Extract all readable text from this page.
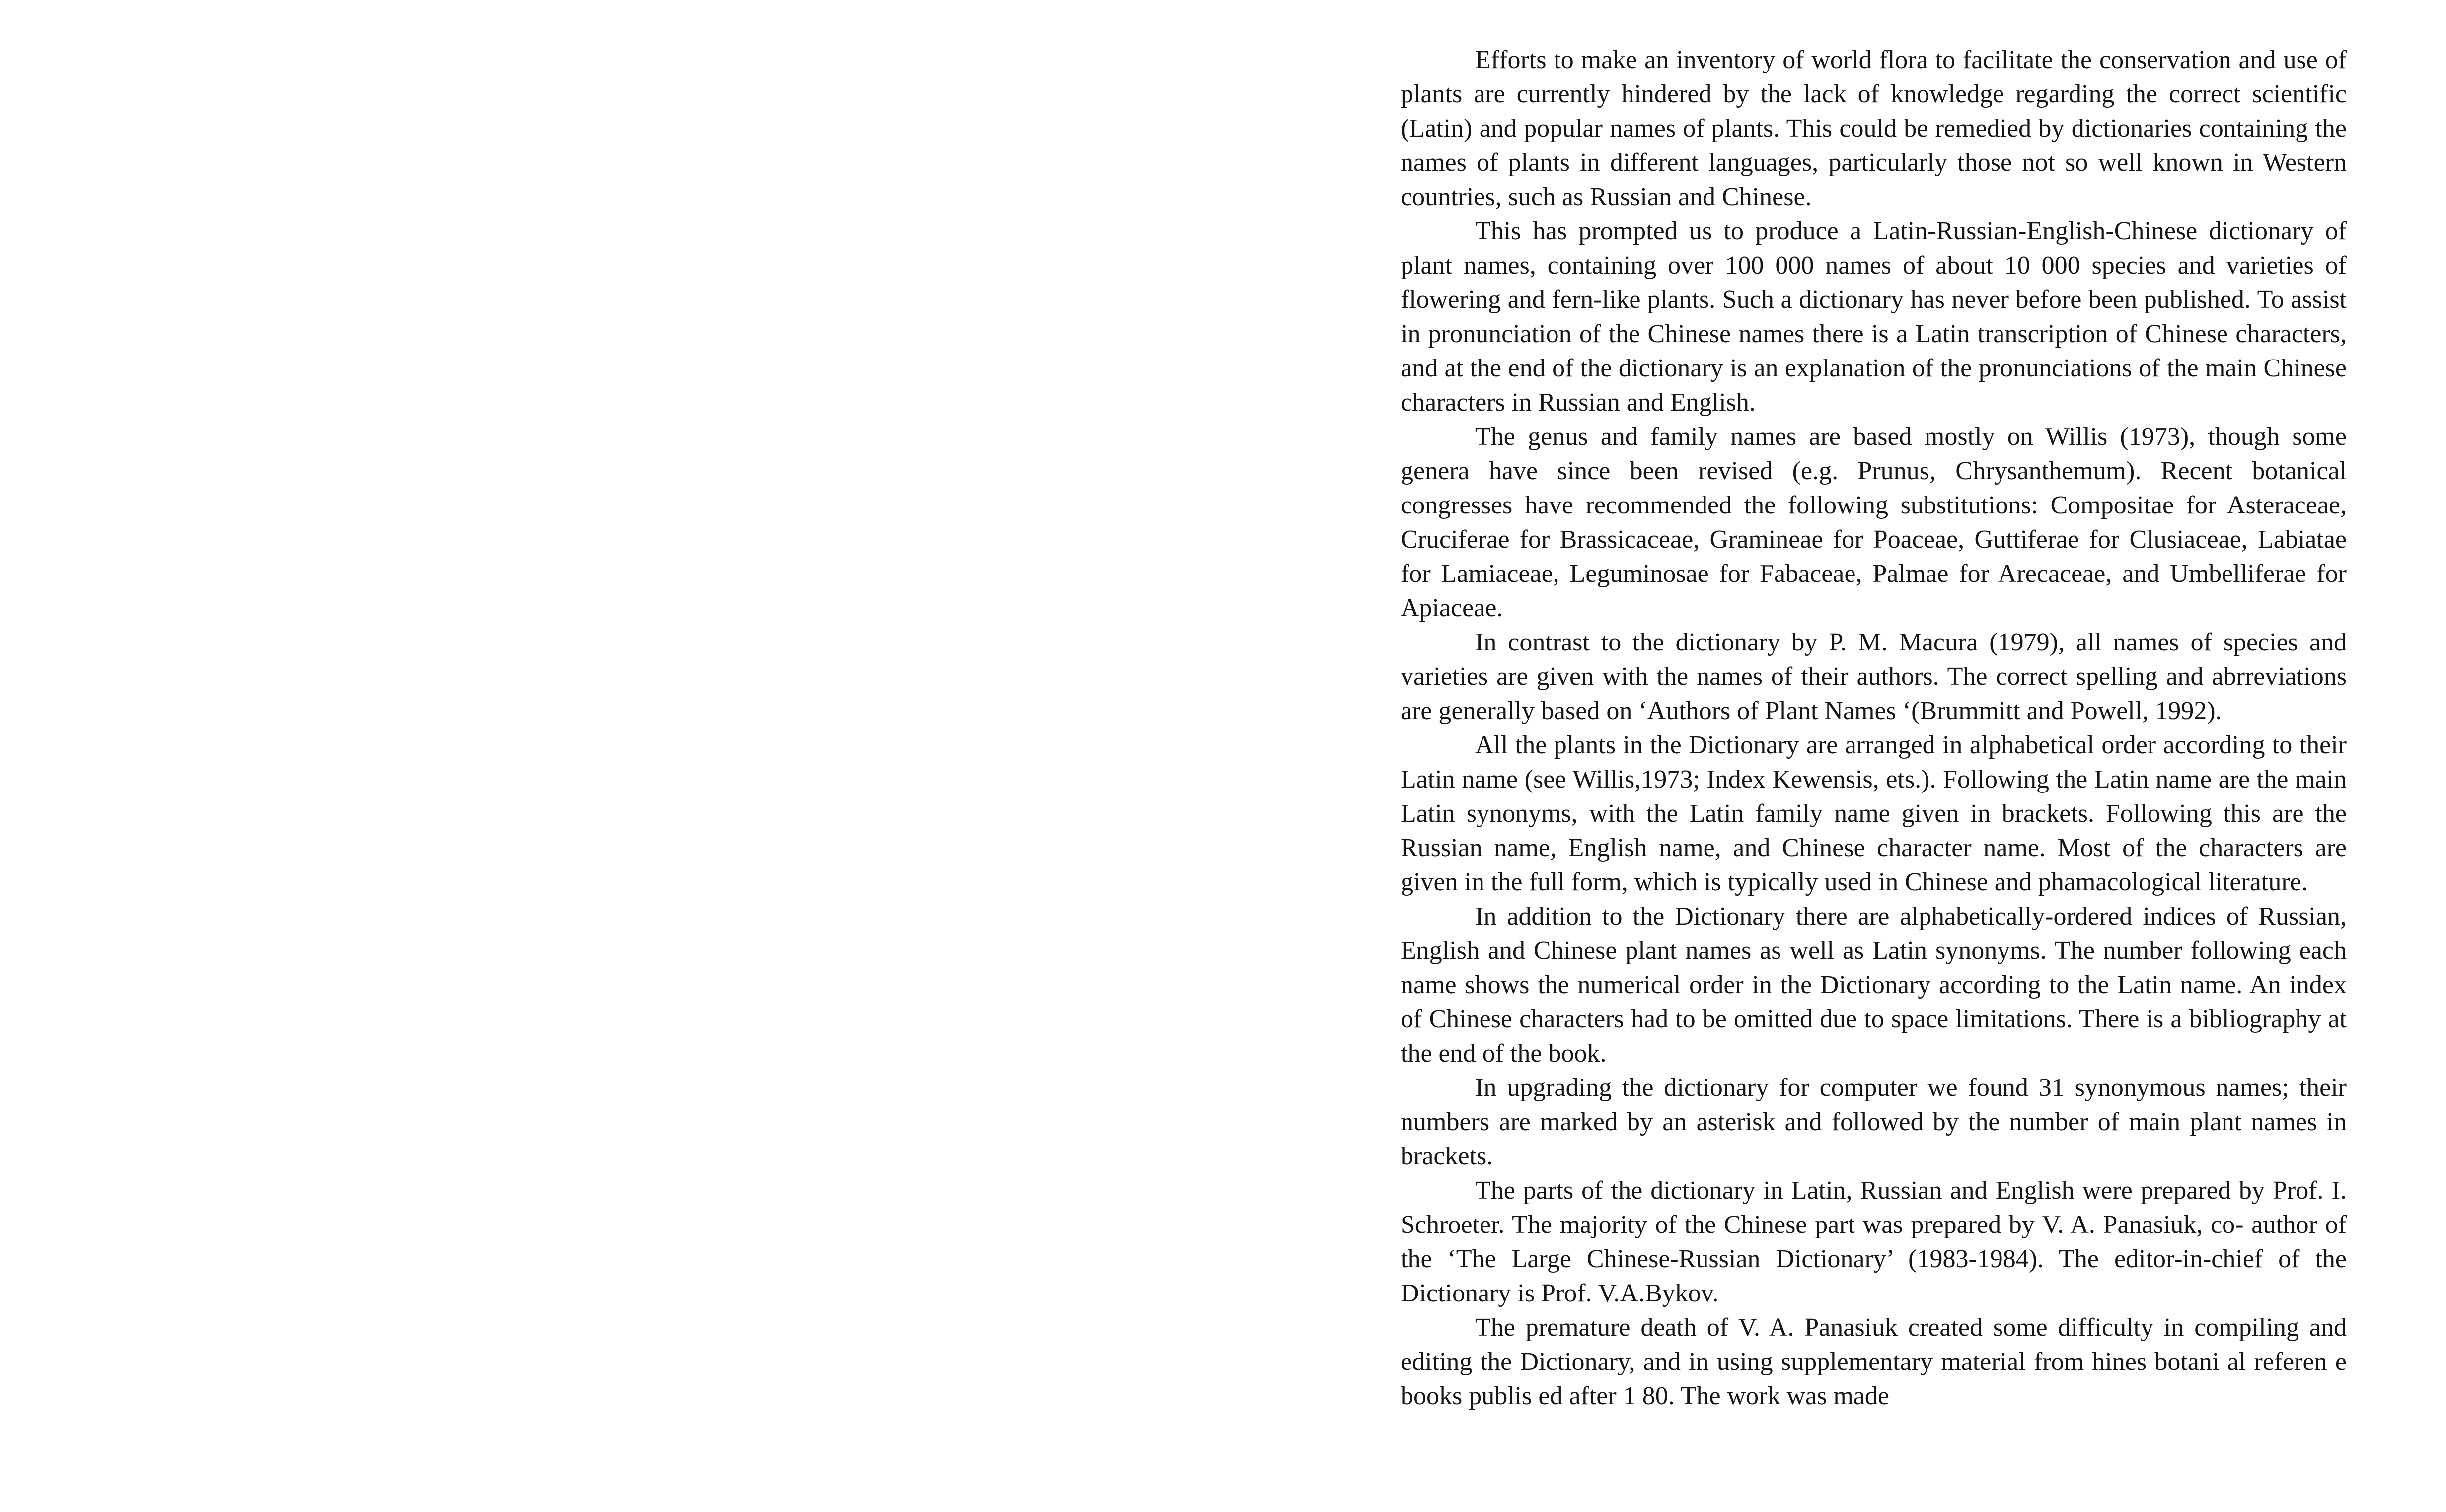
Efforts to make an inventory of world flora to facilitate the conservation and use of plants are currently hindered by the lack of knowledge regarding the correct scientific (Latin) and popular names of plants. This could be remedied by dictionaries containing the names of plants in different languages, particularly those not so well known in Western countries, such as Russian and Chinese.

This has prompted us to produce a Latin-Russian-English-Chinese dictionary of plant names, containing over 100 000 names of about 10 000 species and varieties of flowering and fern-like plants. Such a dictionary has never before been published. To assist in pronunciation of the Chinese names there is a Latin transcription of Chinese characters, and at the end of the dictionary is an explanation of the pronunciations of the main Chinese characters in Russian and English.

The genus and family names are based mostly on Willis (1973), though some genera have since been revised (e.g. Prunus, Chrysanthemum). Recent botanical congresses have recommended the following substitutions: Compositae for Asteraceae, Cruciferae for Brassicaceae, Gramineae for Poaceae, Guttiferae for Clusiaceae, Labiatae for Lamiaceae, Leguminosae for Fabaceae, Palmae for Arecaceae, and Umbelliferae for Apiaceae.

In contrast to the dictionary by P. M. Macura (1979), all names of species and varieties are given with the names of their authors. The correct spelling and abrreviations are generally based on ‘Authors of Plant Names ‘(Brummitt and Powell, 1992).

All the plants in the Dictionary are arranged in alphabetical order according to their Latin name (see Willis,1973; Index Kewensis, ets.). Following the Latin name are the main Latin synonyms, with the Latin family name given in brackets. Following this are the Russian name, English name, and Chinese character name. Most of the characters are given in the full form, which is typically used in Chinese and phamacological literature.

In addition to the Dictionary there are alphabetically-ordered indices of Russian, English and Chinese plant names as well as Latin synonyms. The number following each name shows the numerical order in the Dictionary according to the Latin name. An index of Chinese characters had to be omitted due to space limitations. There is a bibliography at the end of the book.

In upgrading the dictionary for computer we found 31 synonymous names; their numbers are marked by an asterisk and followed by the number of main plant names in brackets.

The parts of the dictionary in Latin, Russian and English were prepared by Prof. I. Schroeter. The majority of the Chinese part was prepared by V. A. Panasiuk, co- author of the ‘The Large Chinese-Russian Dictionary’ (1983-1984). The editor-in-chief of the Dictionary is Prof. V.A.Bykov.

The premature death of V. A. Panasiuk created some difficulty in compiling and editing the Dictionary, and in using supplementary material from hines botani al referen e books publis ed after 1 80. The work was made
